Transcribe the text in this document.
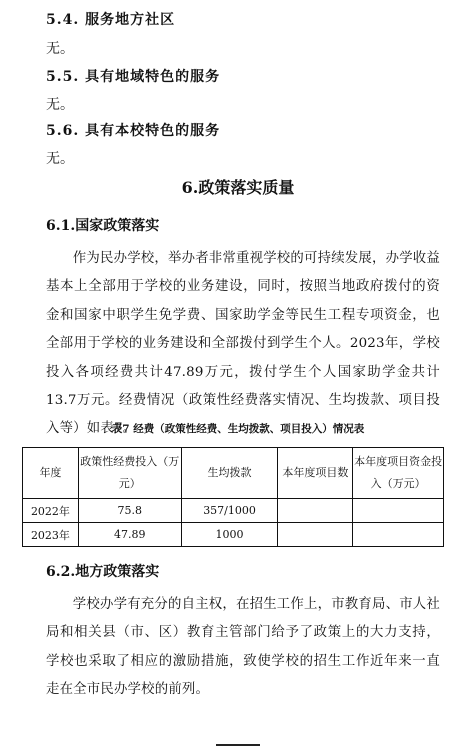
5.4. 服务地方社区
无。
5.5. 具有地域特色的服务
无。
5.6. 具有本校特色的服务
无。
6.政策落实质量
6.1.国家政策落实

作为民办学校，举办者非常重视学校的可持续发展，办学收益基本上全部用于学校的业务建设，同时，按照当地政府拨付的资金和国家中职学生免学费、国家助学金等民生工程专项资金，也全部用于学校的业务建设和全部拨付到学生个人。2023年，学校投入各项经费共计47.89万元，拨付学生个人国家助学金共计13.7万元。经费情况（政策性经费落实情况、生均拨款、项目投入等）如表7。

表7 经费（政策性经费、生均拨款、项目投入）情况表
年度	政策性经费投入（万元）	生均拨款	本年度项目数	本年度项目资金投入（万元）
2022年	75.8	357/1000		
2023年	47.89	1000		
6.2.地方政策落实

学校办学有充分的自主权，在招生工作上，市教育局、市人社局和相关县（市、区）教育主管部门给予了政策上的大力支持，学校也采取了相应的激励措施，致使学校的招生工作近年来一直走在全市民办学校的前列。
